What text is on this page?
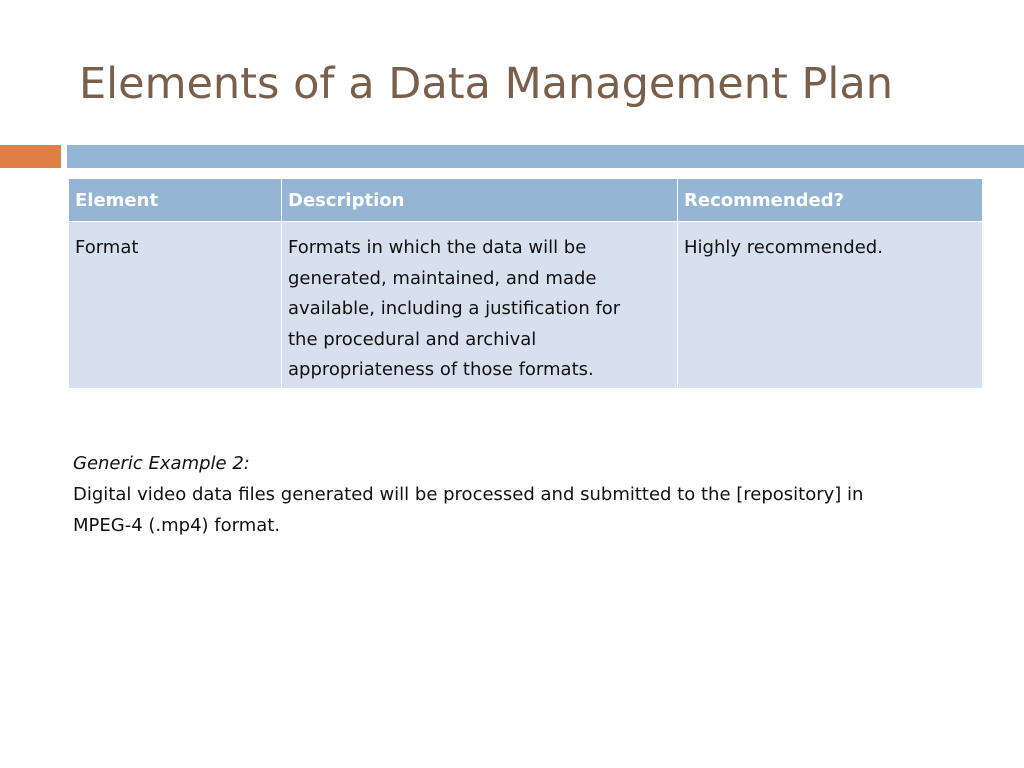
Elements of a Data Management Plan
Element	Description	Recommended?
Format	Formats in which the data will be
generated, maintained, and made
available, including a justification for
the procedural and archival
appropriateness of those formats.	Highly recommended.
Generic Example 2:
Digital video data files generated will be processed and submitted to the [repository] in
MPEG-4 (.mp4) format.
